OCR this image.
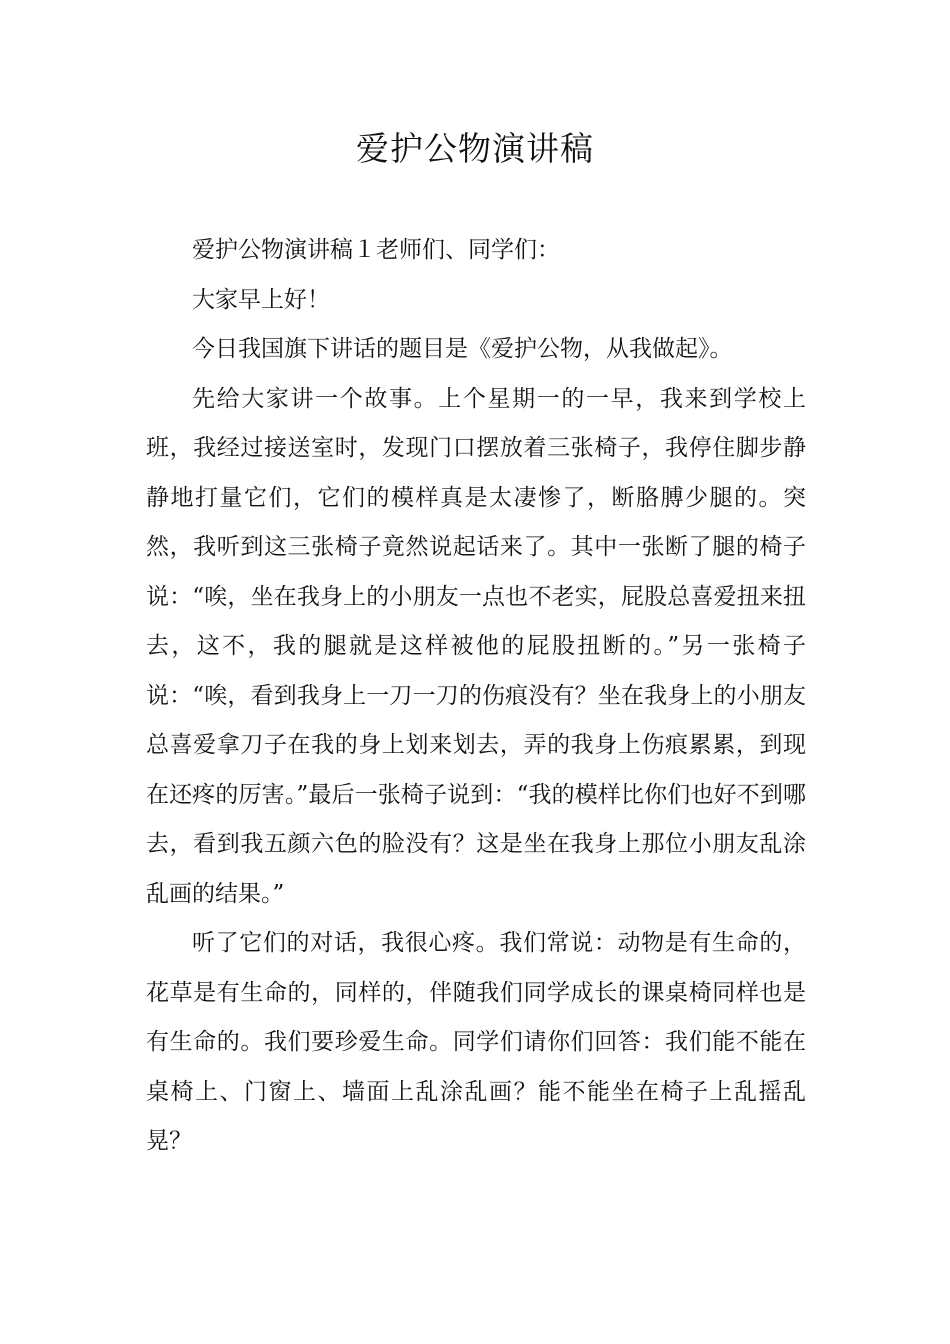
爱护公物演讲稿

爱护公物演讲稿１老师们、同学们：

大家早上好！

今日我国旗下讲话的题目是《爱护公物，从我做起》。

先给大家讲一个故事。上个星期一的一早，我来到学校上班，我经过接送室时，发现门口摆放着三张椅子，我停住脚步静静地打量它们，它们的模样真是太凄惨了，断胳膊少腿的。突然，我听到这三张椅子竟然说起话来了。其中一张断了腿的椅子说：“唉，坐在我身上的小朋友一点也不老实，屁股总喜爱扭来扭去，这不，我的腿就是这样被他的屁股扭断的。”另一张椅子说：“唉，看到我身上一刀一刀的伤痕没有？坐在我身上的小朋友总喜爱拿刀子在我的身上划来划去，弄的我身上伤痕累累，到现在还疼的厉害。”最后一张椅子说到：“我的模样比你们也好不到哪去，看到我五颜六色的脸没有？这是坐在我身上那位小朋友乱涂乱画的结果。”

听了它们的对话，我很心疼。我们常说：动物是有生命的，花草是有生命的，同样的，伴随我们同学成长的课桌椅同样也是有生命的。我们要珍爱生命。同学们请你们回答：我们能不能在桌椅上、门窗上、墙面上乱涂乱画？能不能坐在椅子上乱摇乱晃？
